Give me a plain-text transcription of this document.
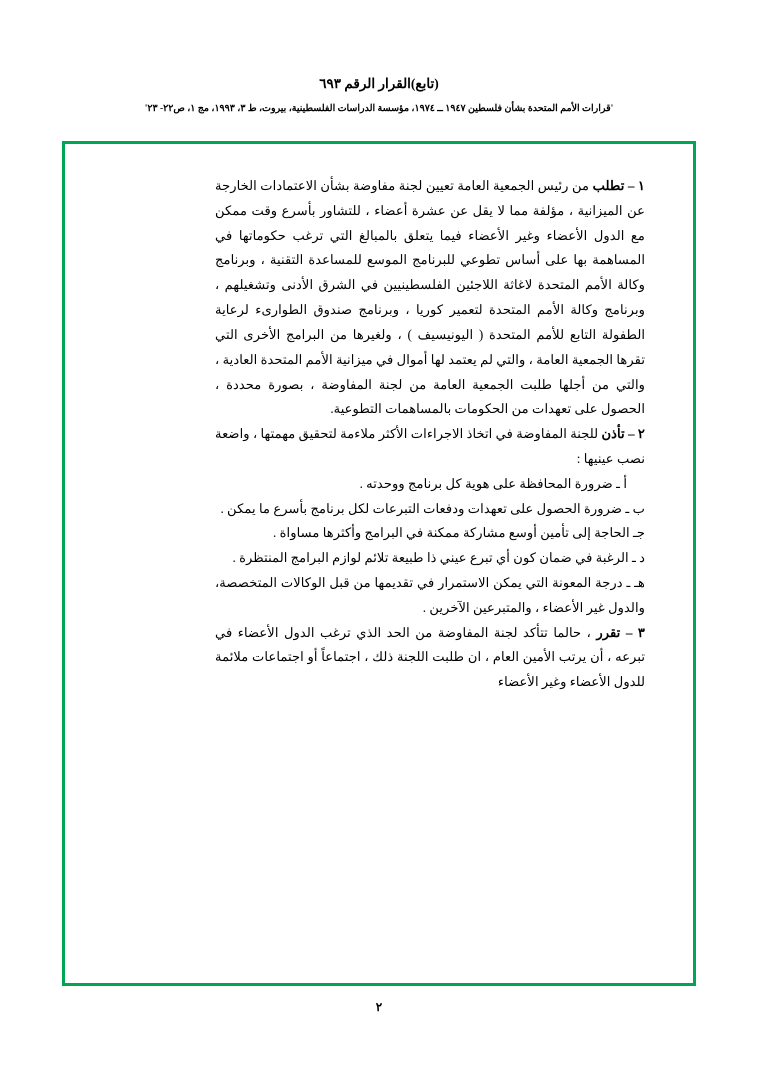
(تابع)القرار الرقم ٦٩٣
'قرارات الأمم المتحدة بشأن فلسطين ١٩٤٧ ــ ١٩٧٤، مؤسسة الدراسات الفلسطينية، بيروت، ط ٣، ١٩٩٣، مج ١، ص٢٢- ٢٣'

١ – تطلب من رئيس الجمعية العامة تعيين لجنة مفاوضة بشأن الاعتمادات الخارجة عن الميزانية ، مؤلفة مما لا يقل عن عشرة أعضاء ، للتشاور بأسرع وقت ممكن مع الدول الأعضاء وغير الأعضاء فيما يتعلق بالمبالغ التي ترغب حكوماتها في المساهمة بها على أساس تطوعي للبرنامج الموسع للمساعدة التقنية ، وبرنامج وكالة الأمم المتحدة لاغاثة اللاجئين الفلسطينيين في الشرق الأدنى وتشغيلهم ، وبرنامج وكالة الأمم المتحدة لتعمير كوريا ، وبرنامج صندوق الطوارىء لرعاية الطفولة التابع للأمم المتحدة ( اليونيسيف ) ، ولغيرها من البرامج الأخرى التي تقرها الجمعية العامة ، والتي لم يعتمد لها أموال في ميزانية الأمم المتحدة العادية ، والتي من أجلها طلبت الجمعية العامة من لجنة المفاوضة ، بصورة محددة ، الحصول على تعهدات من الحكومات بالمساهمات التطوعية.

٢ – تأذن للجنة المفاوضة في اتخاذ الاجراءات الأكثر ملاءمة لتحقيق مهمتها ، واضعة نصب عينيها :

أ ـ ضرورة المحافظة على هوية كل برنامج ووحدته .

ب ـ ضرورة الحصول على تعهدات ودفعات التبرعات لكل برنامج بأسرع ما يمكن .

جـ الحاجة إلى تأمين أوسع مشاركة ممكنة في البرامج وأكثرها مساواة .

د ـ الرغبة في ضمان كون أي تبرع عيني ذا طبيعة تلائم لوازم البرامج المنتظرة .

هـ ـ درجة المعونة التي يمكن الاستمرار في تقديمها من قبل الوكالات المتخصصة، والدول غير الأعضاء ، والمتبرعين الآخرين .

٣ – تقرر ، حالما تتأكد لجنة المفاوضة من الحد الذي ترغب الدول الأعضاء في تبرعه ، أن يرتب الأمين العام ، ان طلبت اللجنة ذلك ، اجتماعاً أو اجتماعات ملائمة للدول الأعضاء وغير الأعضاء

٢
